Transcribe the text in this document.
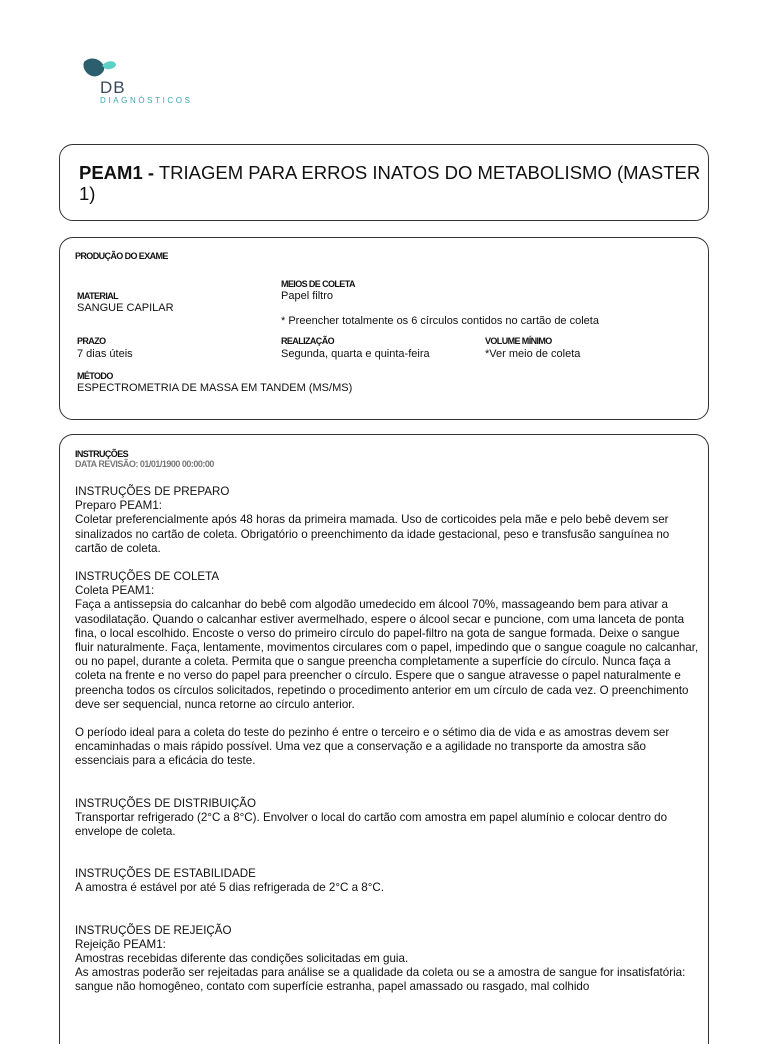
DB
DIAGNÓSTICOS
PEAM1 - TRIAGEM PARA ERROS INATOS DO METABOLISMO (MASTER 1)
PRODUÇÃO DO EXAME
MEIOS DE COLETA
Papel filtro
* Preencher totalmente os 6 círculos contidos no cartão de coleta
MATERIAL
SANGUE CAPILAR
PRAZO
7 dias úteis
REALIZAÇÃO
Segunda, quarta e quinta-feira
VOLUME MÍNIMO
*Ver meio de coleta
MÉTODO
ESPECTROMETRIA DE MASSA EM TANDEM (MS/MS)
INSTRUÇÕES
DATA REVISÃO: 01/01/1900 00:00:00

INSTRUÇÕES DE PREPARO

Preparo PEAM1:
Coletar preferencialmente após 48 horas da primeira mamada. Uso de corticoides pela mãe e pelo bebê devem ser sinalizados no cartão de coleta. Obrigatório o preenchimento da idade gestacional, peso e transfusão sanguínea no cartão de coleta.

INSTRUÇÕES DE COLETA

Coleta PEAM1:
Faça a antissepsia do calcanhar do bebê com algodão umedecido em álcool 70%, massageando bem para ativar a vasodilatação. Quando o calcanhar estiver avermelhado, espere o álcool secar e puncione, com uma lanceta de ponta fina, o local escolhido. Encoste o verso do primeiro círculo do papel-filtro na gota de sangue formada. Deixe o sangue fluir naturalmente. Faça, lentamente, movimentos circulares com o papel, impedindo que o sangue coagule no calcanhar, ou no papel, durante a coleta. Permita que o sangue preencha completamente a superfície do círculo. Nunca faça a coleta na frente e no verso do papel para preencher o círculo. Espere que o sangue atravesse o papel naturalmente e preencha todos os círculos solicitados, repetindo o procedimento anterior em um círculo de cada vez. O preenchimento deve ser sequencial, nunca retorne ao círculo anterior.

O período ideal para a coleta do teste do pezinho é entre o terceiro e o sétimo dia de vida e as amostras devem ser encaminhadas o mais rápido possível. Uma vez que a conservação e a agilidade no transporte da amostra são essenciais para a eficácia do teste.

INSTRUÇÕES DE DISTRIBUIÇÃO

Transportar refrigerado (2°C a 8°C). Envolver o local do cartão com amostra em papel alumínio e colocar dentro do envelope de coleta.

INSTRUÇÕES DE ESTABILIDADE

A amostra é estável por até 5 dias refrigerada de 2°C a 8°C.

INSTRUÇÕES DE REJEIÇÃO

Rejeição PEAM1:
Amostras recebidas diferente das condições solicitadas em guia.
As amostras poderão ser rejeitadas para análise se a qualidade da coleta ou se a amostra de sangue for insatisfatória: sangue não homogêneo, contato com superfície estranha, papel amassado ou rasgado, mal colhido
